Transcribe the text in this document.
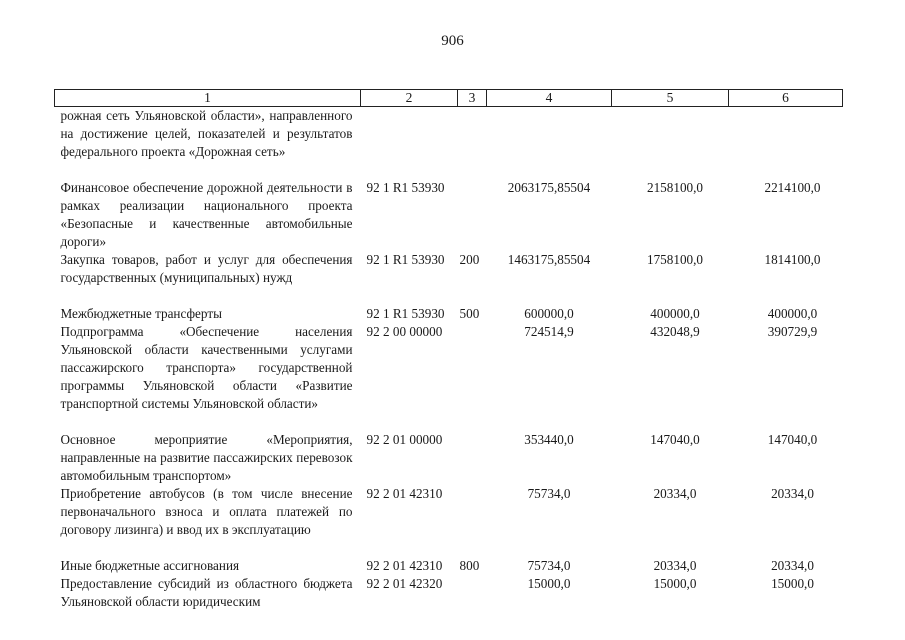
906
1	2	3	4	5	6
рожная сеть Ульяновской области», направленного на достижение целей, показателей и результатов федерального проекта «Дорожная сеть»					
Финансовое обеспечение дорожной деятельности в рамках реализации национального проекта «Безопасные и качественные автомобильные дороги»	92 1 R1 53930		2063175,85504	2158100,0	2214100,0
Закупка товаров, работ и услуг для обеспечения государственных (муниципальных) нужд	92 1 R1 53930	200	1463175,85504	1758100,0	1814100,0
Межбюджетные трансферты	92 1 R1 53930	500	600000,0	400000,0	400000,0
Подпрограмма «Обеспечение населения Ульяновской области качественными услугами пассажирского транспорта» государственной программы Ульяновской области «Развитие транспортной системы Ульяновской области»	92 2 00 00000		724514,9	432048,9	390729,9
Основное мероприятие «Мероприятия, направленные на развитие пассажирских перевозок автомобильным транспортом»	92 2 01 00000		353440,0	147040,0	147040,0
Приобретение автобусов (в том числе внесение первоначального взноса и оплата платежей по договору лизинга) и ввод их в эксплуатацию	92 2 01 42310		75734,0	20334,0	20334,0
Иные бюджетные ассигнования	92 2 01 42310	800	75734,0	20334,0	20334,0
Предоставление субсидий из областного бюджета Ульяновской области юридическим	92 2 01 42320		15000,0	15000,0	15000,0
